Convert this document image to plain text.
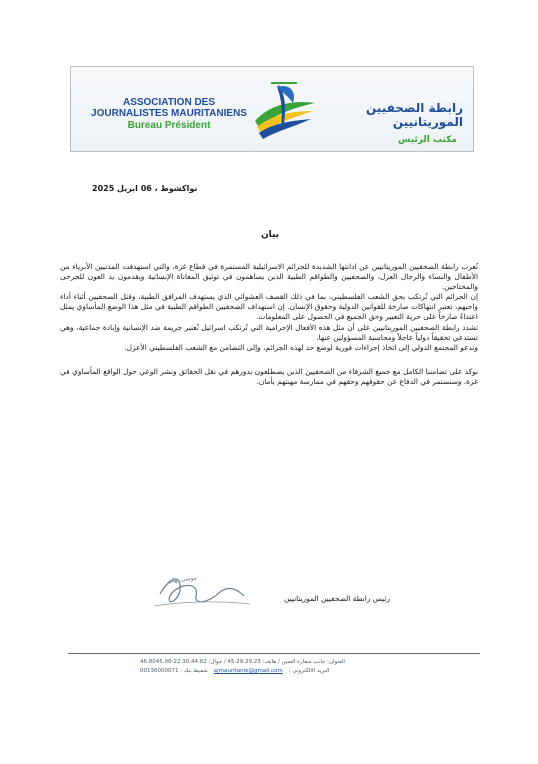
ASSOCIATION DES
JOURNALISTES MAURITANIENS
Bureau Président
رابطة الصحفيين الموريتانيين
مكتب الرئيس
نواكشوط ، 06 ابريل 2025
بيان

تُعرب رابطة الصحفيين الموريتانيين عن ادانتها الشديدة للجرائم الاسرائيلية المستمرة في قطاع غزة، والتي استهدفت المدنيين الأبرياء من الأطفال والنساء والرجال العزل، والصحفيين والطواقم الطبية الذين يساهمون في توثيق المعاناة الإنسانية ويقدمون يد العون للجرحى والمحتاجين.

إن الجرائم التي تُرتكب بحق الشعب الفلسطيني، بما في ذلك القصف العشوائي الذي يستهدف المرافق الطبية، وقتل الصحفيين أثناء أداء واجبهم، تعتبر انتهاكات صارخة للقوانين الدولية وحقوق الإنسان. إن استهداف الصحفيين الطواقم الطبية في مثل هذا الوضع المأساوي يمثل اعتداءً صارخاً على حرية التعبير وحق الجميع في الحصول على المعلومات.

تشدد رابطة الصحفيين الموريتانيين على أن مثل هذه الأفعال الإجرامية التي تُرتكب اسرائيل تُعتبر جريمة ضد الإنسانية وإبادة جماعية، وهي تستدعي تحقيقاً دولياً عاجلاً ومحاسبة المسؤولين عنها.

وندعو المجتمع الدولي إلى اتخاذ إجراءات فورية لوضع حد لهذه الجرائم، وإلى التضامن مع الشعب الفلسطيني الأعزل.

نوكد على تضامننا الكامل مع جميع الشرفاء من الصحفيين الذين يضطلعون بدورهم في نقل الحقائق ونشر الوعي حول الواقع المأساوي في غزة، وسنستمر في الدفاع عن حقوقهم وحقهم في ممارسة مهنتهم بأمان.

موسى بهلي
رئيس رابطة الصحفيين الموريتانيين
العنوان: جانب سفارة الصين / هاتف: 45.29.29.23 / جوال: 22.30.44.82-46.8045.00
البريد الالكتروني :
ajmauritanie@gmail.com
شفيط بنك : 00136000071
